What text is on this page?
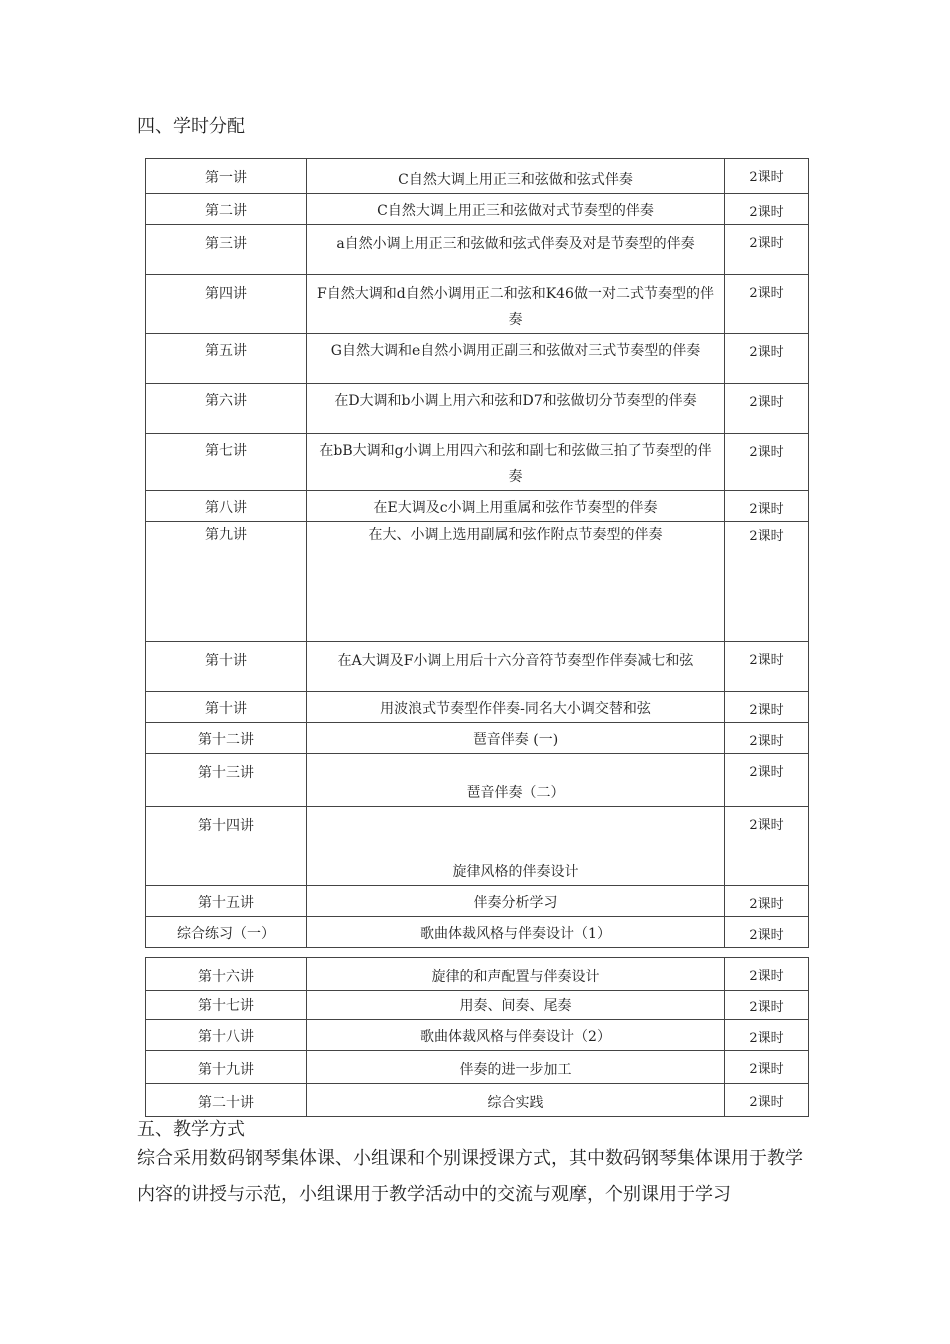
四、学时分配
第一讲	C自然大调上用正三和弦做和弦式伴奏	2课时

第二讲	C自然大调上用正三和弦做对式节奏型的伴奏	2课时

第三讲	a自然小调上用正三和弦做和弦式伴奏及对是节奏型的伴奏	2课时

第四讲	F自然大调和d自然小调用正二和弦和K46做一对二式节奏型的伴奏	2课时

第五讲	G自然大调和e自然小调用正副三和弦做对三式节奏型的伴奏	2课时

第六讲	在D大调和b小调上用六和弦和D7和弦做切分节奏型的伴奏	2课时

第七讲	在bB大调和g小调上用四六和弦和副七和弦做三拍了节奏型的伴奏	2课时

第八讲	在E大调及c小调上用重属和弦作节奏型的伴奏	2课时

第九讲	在大、小调上选用副属和弦作附点节奏型的伴奏	2课时

第十讲	在A大调及F小调上用后十六分音符节奏型作伴奏减七和弦	2课时

第十讲	用波浪式节奏型作伴奏-同名大小调交替和弦	2课时

第十二讲	琶音伴奏 (一)	2课时

第十三讲	琶音伴奏（二）	2课时

第十四讲	旋律风格的伴奏设计	2课时

第十五讲	伴奏分析学习	2课时

综合练习（一）	歌曲体裁风格与伴奏设计（1）	2课时
第十六讲	旋律的和声配置与伴奏设计	2课时

第十七讲	用奏、间奏、尾奏	2课时

第十八讲	歌曲体裁风格与伴奏设计（2）	2课时

第十九讲	伴奏的进一步加工	2课时

第二十讲	综合实践	2课时
五、教学方式
综合采用数码钢琴集体课、小组课和个别课授课方式，其中数码钢琴集体课用于教学内容的讲授与示范，小组课用于教学活动中的交流与观摩，个别课用于学习
